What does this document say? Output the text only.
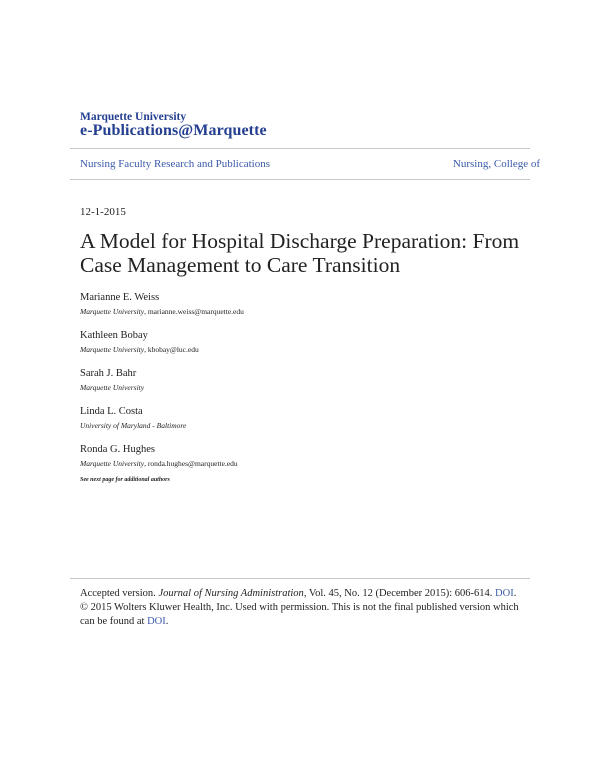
Marquette University
e-Publications@Marquette
Nursing Faculty Research and Publications	Nursing, College of
12-1-2015
A Model for Hospital Discharge Preparation: From Case Management to Care Transition
Marianne E. Weiss
Marquette University, marianne.weiss@marquette.edu
Kathleen Bobay
Marquette University, kbobay@luc.edu
Sarah J. Bahr
Marquette University
Linda L. Costa
University of Maryland - Baltimore
Ronda G. Hughes
Marquette University, ronda.hughes@marquette.edu
See next page for additional authors
Accepted version. Journal of Nursing Administration, Vol. 45, No. 12 (December 2015): 606-614. DOI. © 2015 Wolters Kluwer Health, Inc. Used with permission. This is not the final published version which can be found at DOI.
